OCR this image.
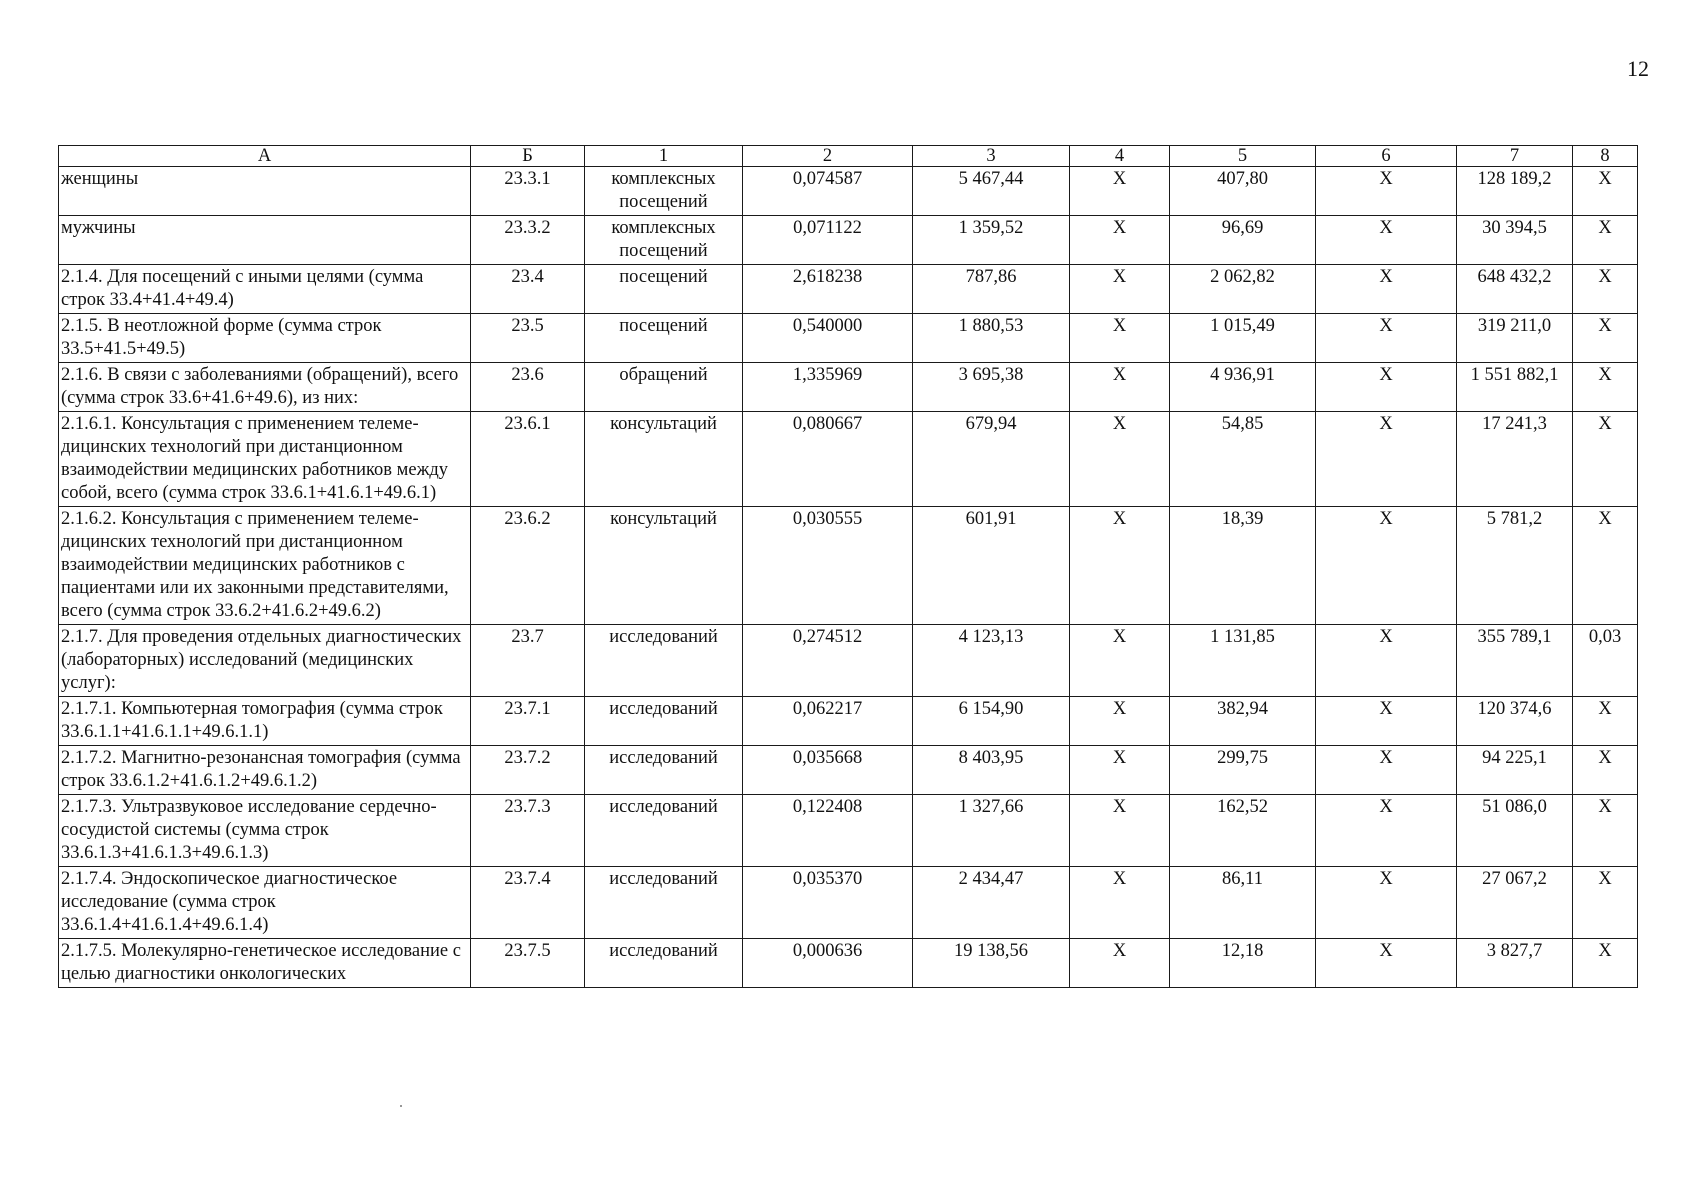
12
А	Б	1	2	3	4	5	6	7	8
женщины	23.3.1	комплексных посещений	0,074587	5 467,44	Х	407,80	Х	128 189,2	Х
мужчины	23.3.2	комплексных посещений	0,071122	1 359,52	Х	96,69	Х	30 394,5	Х
2.1.4. Для посещений с иными целями (сумма строк 33.4+41.4+49.4)	23.4	посещений	2,618238	787,86	Х	2 062,82	Х	648 432,2	Х
2.1.5. В неотложной форме (сумма строк 33.5+41.5+49.5)	23.5	посещений	0,540000	1 880,53	Х	1 015,49	Х	319 211,0	Х
2.1.6. В связи с заболеваниями (обращений), всего (сумма строк 33.6+41.6+49.6), из них:	23.6	обращений	1,335969	3 695,38	Х	4 936,91	Х	1 551 882,1	Х
2.1.6.1. Консультация с применением телемедицинских технологий при дистанционном взаимодействии медицинских работников между собой, всего (сумма строк 33.6.1+41.6.1+49.6.1)	23.6.1	консультаций	0,080667	679,94	Х	54,85	Х	17 241,3	Х
2.1.6.2. Консультация с применением телемедицинских технологий при дистанционном взаимодействии медицинских работников с пациентами или их законными представителями, всего (сумма строк 33.6.2+41.6.2+49.6.2)	23.6.2	консультаций	0,030555	601,91	Х	18,39	Х	5 781,2	Х
2.1.7. Для проведения отдельных диагностических (лабораторных) исследований (медицинских услуг):	23.7	исследований	0,274512	4 123,13	Х	1 131,85	Х	355 789,1	0,03
2.1.7.1. Компьютерная томография (сумма строк 33.6.1.1+41.6.1.1+49.6.1.1)	23.7.1	исследований	0,062217	6 154,90	Х	382,94	Х	120 374,6	Х
2.1.7.2. Магнитно-резонансная томография (сумма строк 33.6.1.2+41.6.1.2+49.6.1.2)	23.7.2	исследований	0,035668	8 403,95	Х	299,75	Х	94 225,1	Х
2.1.7.3. Ультразвуковое исследование сердечно-сосудистой системы (сумма строк 33.6.1.3+41.6.1.3+49.6.1.3)	23.7.3	исследований	0,122408	1 327,66	Х	162,52	Х	51 086,0	Х
2.1.7.4. Эндоскопическое диагностическое исследование (сумма строк 33.6.1.4+41.6.1.4+49.6.1.4)	23.7.4	исследований	0,035370	2 434,47	Х	86,11	Х	27 067,2	Х
2.1.7.5. Молекулярно-генетическое исследование с целью диагностики онкологических	23.7.5	исследований	0,000636	19 138,56	Х	12,18	Х	3 827,7	Х
